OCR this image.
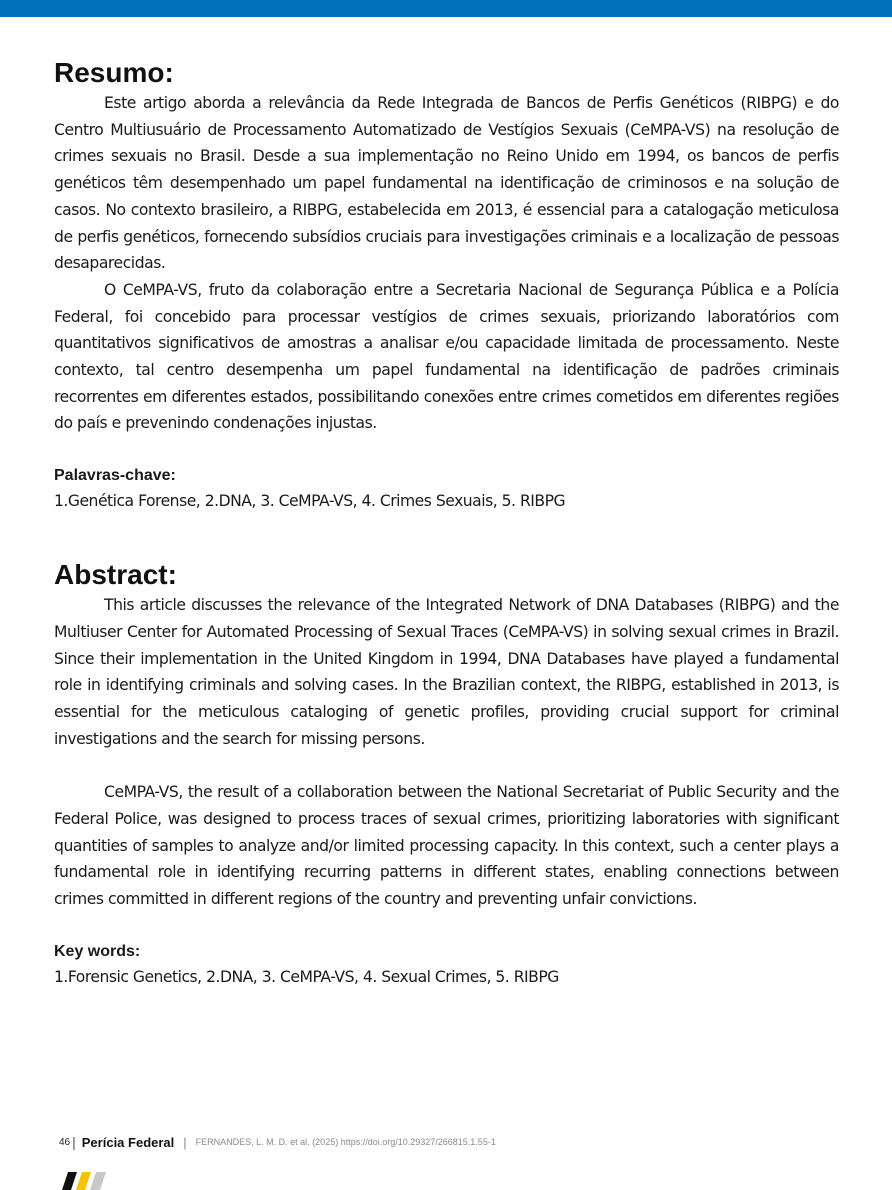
Resumo:

Este artigo aborda a relevância da Rede Integrada de Bancos de Perfis Genéticos (RIBPG) e do Centro Multiusuário de Processamento Automatizado de Vestígios Sexuais (CeMPA-VS) na resolução de crimes sexuais no Brasil. Desde a sua implementação no Reino Unido em 1994, os bancos de perfis genéticos têm desempenhado um papel fundamental na identificação de criminosos e na solução de casos. No contexto brasileiro, a RIBPG, estabelecida em 2013, é essencial para a catalogação meticulosa de perfis genéticos, fornecendo subsídios cruciais para investigações criminais e a localização de pessoas desaparecidas.

O CeMPA-VS, fruto da colaboração entre a Secretaria Nacional de Segurança Pública e a Polícia Federal, foi concebido para processar vestígios de crimes sexuais, priorizando laboratórios com quantitativos significativos de amostras a analisar e/ou capacidade limitada de processamento. Neste contexto, tal centro desempenha um papel fundamental na identificação de padrões criminais recorrentes em diferentes estados, possibilitando conexões entre crimes cometidos em diferentes regiões do país e prevenindo condenações injustas.

Palavras-chave:

1.Genética Forense, 2.DNA, 3. CeMPA-VS, 4. Crimes Sexuais, 5. RIBPG

Abstract:

This article discusses the relevance of the Integrated Network of DNA Databases (RIBPG) and the Multiuser Center for Automated Processing of Sexual Traces (CeMPA-VS) in solving sexual crimes in Brazil. Since their implementation in the United Kingdom in 1994, DNA Databases have played a fundamental role in identifying criminals and solving cases. In the Brazilian context, the RIBPG, established in 2013, is essential for the meticulous cataloging of genetic profiles, providing crucial support for criminal investigations and the search for missing persons.

CeMPA-VS, the result of a collaboration between the National Secretariat of Public Security and the Federal Police, was designed to process traces of sexual crimes, prioritizing laboratories with significant quantities of samples to analyze and/or limited processing capacity. In this context, such a center plays a fundamental role in identifying recurring patterns in different states, enabling connections between crimes committed in different regions of the country and preventing unfair convictions.

Key words:

1.Forensic Genetics, 2.DNA, 3. CeMPA-VS, 4. Sexual Crimes, 5. RIBPG

46 | Perícia Federal | FERNANDES, L. M. D. et al. (2025) https://doi.org/10.29327/266815.1.55-1
